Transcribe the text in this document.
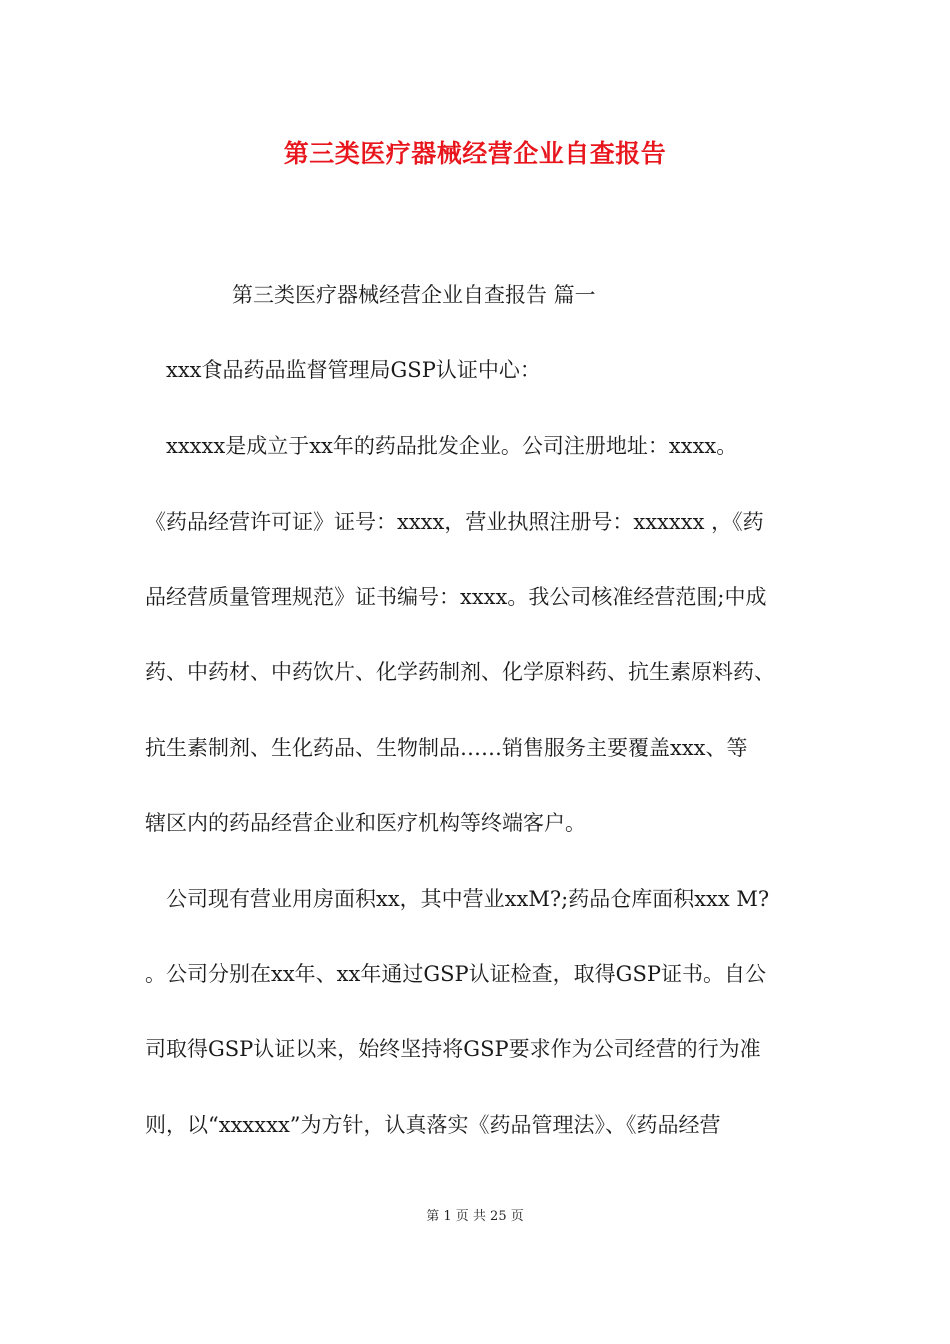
第三类医疗器械经营企业自查报告
第三类医疗器械经营企业自查报告 篇一
xxx食品药品监督管理局GSP认证中心：
xxxxx是成立于xx年的药品批发企业。公司注册地址：xxxx。
《药品经营许可证》证号：xxxx，营业执照注册号：xxxxxx ，《药
品经营质量管理规范》证书编号：xxxx。我公司核准经营范围;中成
药、中药材、中药饮片、化学药制剂、化学原料药、抗生素原料药、
抗生素制剂、生化药品、生物制品……销售服务主要覆盖xxx、等
辖区内的药品经营企业和医疗机构等终端客户。
公司现有营业用房面积xx，其中营业xxM?;药品仓库面积xxx M?
。公司分别在xx年、xx年通过GSP认证检查，取得GSP证书。自公
司取得GSP认证以来，始终坚持将GSP要求作为公司经营的行为准
则，以“xxxxxx”为方针，认真落实《药品管理法》、《药品经营
第 1 页 共 25 页
